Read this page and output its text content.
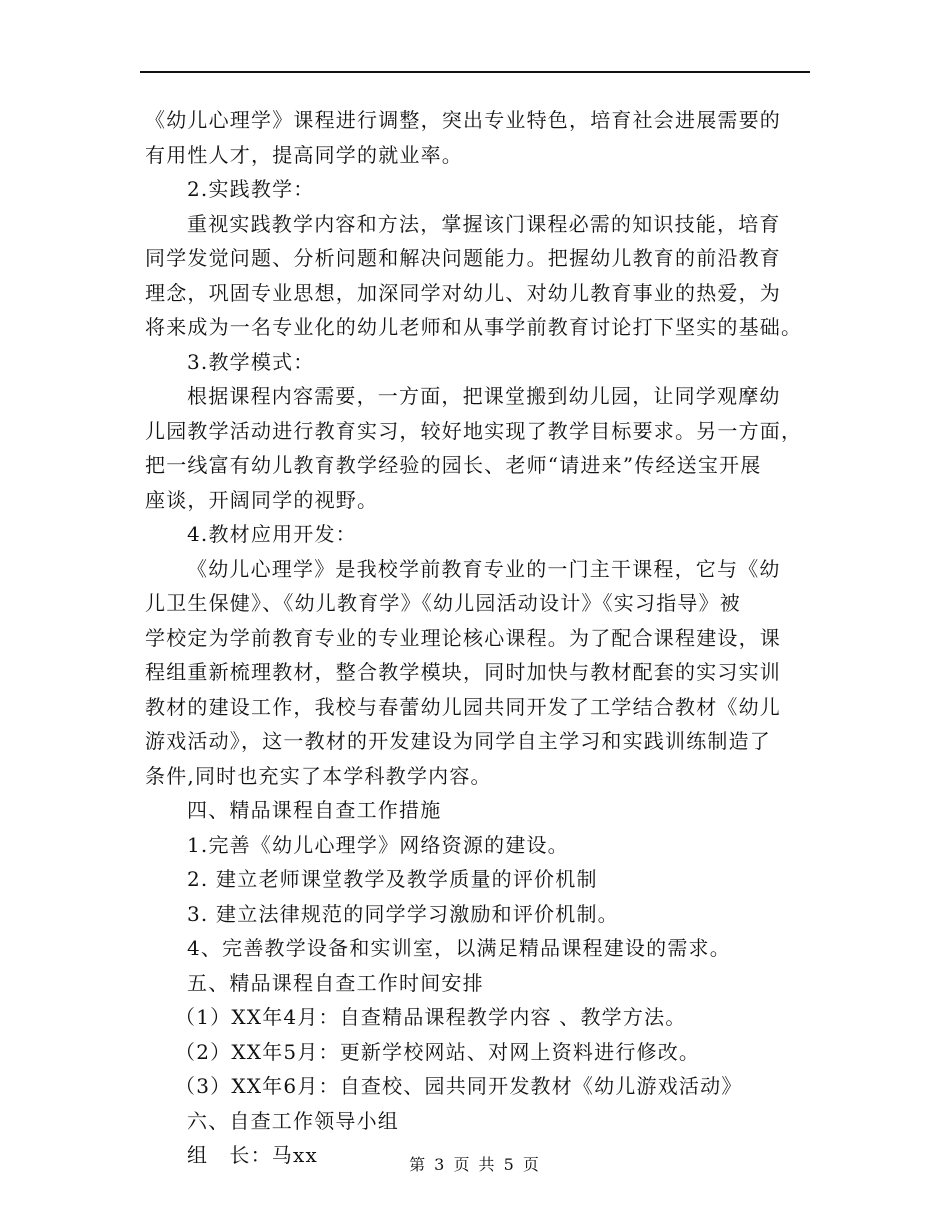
《幼儿心理学》课程进行调整，突出专业特色，培育社会进展需要的
有用性人才，提高同学的就业率。
2.实践教学：
重视实践教学内容和方法，掌握该门课程必需的知识技能，培育
同学发觉问题、分析问题和解决问题能力。把握幼儿教育的前沿教育
理念，巩固专业思想，加深同学对幼儿、对幼儿教育事业的热爱，为
将来成为一名专业化的幼儿老师和从事学前教育讨论打下坚实的基础。
3.教学模式：
根据课程内容需要，一方面，把课堂搬到幼儿园，让同学观摩幼
儿园教学活动进行教育实习，较好地实现了教学目标要求。另一方面，
把一线富有幼儿教育教学经验的园长、老师“请进来”传经送宝开展
座谈，开阔同学的视野。
4.教材应用开发：
《幼儿心理学》是我校学前教育专业的一门主干课程，它与《幼
儿卫生保健》、《幼儿教育学》《幼儿园活动设计》《实习指导》被
学校定为学前教育专业的专业理论核心课程。为了配合课程建设，课
程组重新梳理教材，整合教学模块，同时加快与教材配套的实习实训
教材的建设工作，我校与春蕾幼儿园共同开发了工学结合教材《幼儿
游戏活动》，这一教材的开发建设为同学自主学习和实践训练制造了
条件,同时也充实了本学科教学内容。
四、精品课程自查工作措施
1.完善《幼儿心理学》网络资源的建设。
2. 建立老师课堂教学及教学质量的评价机制
3. 建立法律规范的同学学习激励和评价机制。
4、完善教学设备和实训室，以满足精品课程建设的需求。
五、精品课程自查工作时间安排
（1）XX年4月：自查精品课程教学内容 、教学方法。
（2）XX年5月：更新学校网站、对网上资料进行修改。
（3）XX年6月：自查校、园共同开发教材《幼儿游戏活动》
六、自查工作领导小组
组　长：马xx	第 3 页 共 5 页
